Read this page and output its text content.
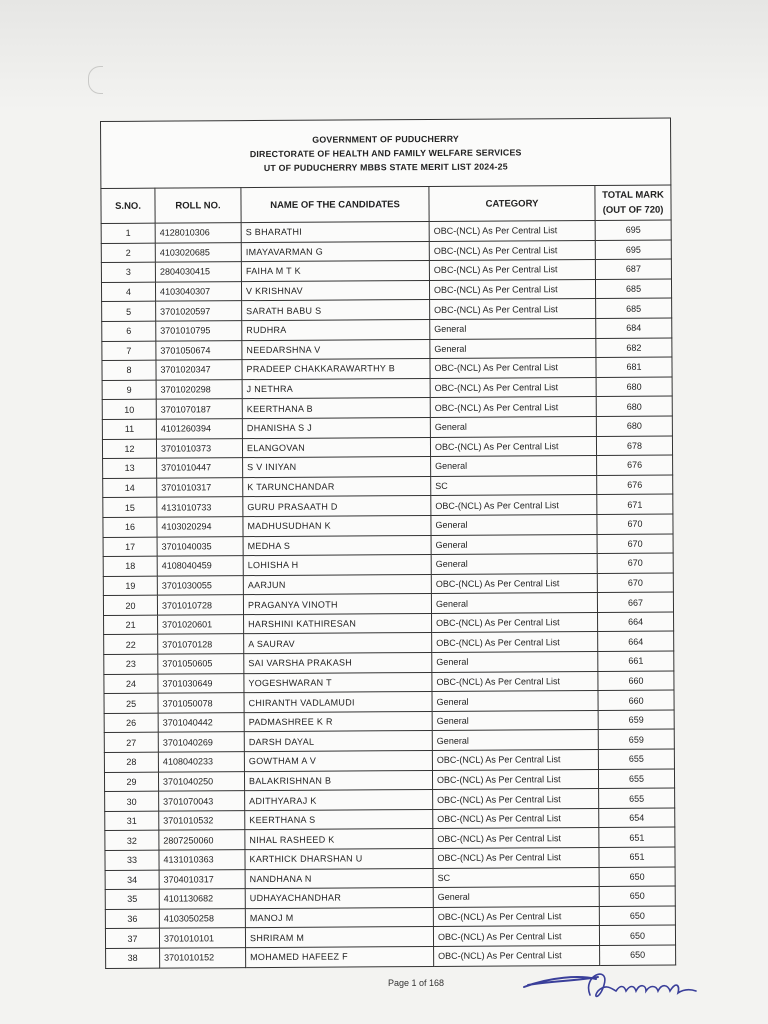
GOVERNMENT OF PUDUCHERRY
DIRECTORATE OF HEALTH AND FAMILY WELFARE SERVICES
UT OF PUDUCHERRY MBBS STATE MERIT LIST 2024-25				

S.NO.	ROLL NO.	NAME OF THE CANDIDATES	CATEGORY	TOTAL MARK
(OUT OF 720)

1	4128010306	S BHARATHI	OBC-(NCL) As Per Central List	695
2	4103020685	IMAYAVARMAN G	OBC-(NCL) As Per Central List	695
3	2804030415	FAIHA M T K	OBC-(NCL) As Per Central List	687
4	4103040307	V KRISHNAV	OBC-(NCL) As Per Central List	685
5	3701020597	SARATH BABU S	OBC-(NCL) As Per Central List	685
6	3701010795	RUDHRA	General	684
7	3701050674	NEEDARSHNA V	General	682
8	3701020347	PRADEEP CHAKKARAWARTHY B	OBC-(NCL) As Per Central List	681
9	3701020298	J NETHRA	OBC-(NCL) As Per Central List	680
10	3701070187	KEERTHANA B	OBC-(NCL) As Per Central List	680
11	4101260394	DHANISHA S J	General	680
12	3701010373	ELANGOVAN	OBC-(NCL) As Per Central List	678
13	3701010447	S V INIYAN	General	676
14	3701010317	K TARUNCHANDAR	SC	676
15	4131010733	GURU PRASAATH D	OBC-(NCL) As Per Central List	671
16	4103020294	MADHUSUDHAN K	General	670
17	3701040035	MEDHA S	General	670
18	4108040459	LOHISHA H	General	670
19	3701030055	AARJUN	OBC-(NCL) As Per Central List	670
20	3701010728	PRAGANYA VINOTH	General	667
21	3701020601	HARSHINI KATHIRESAN	OBC-(NCL) As Per Central List	664
22	3701070128	A SAURAV	OBC-(NCL) As Per Central List	664
23	3701050605	SAI VARSHA PRAKASH	General	661
24	3701030649	YOGESHWARAN T	OBC-(NCL) As Per Central List	660
25	3701050078	CHIRANTH VADLAMUDI	General	660
26	3701040442	PADMASHREE K R	General	659
27	3701040269	DARSH DAYAL	General	659
28	4108040233	GOWTHAM A V	OBC-(NCL) As Per Central List	655
29	3701040250	BALAKRISHNAN B	OBC-(NCL) As Per Central List	655
30	3701070043	ADITHYARAJ K	OBC-(NCL) As Per Central List	655
31	3701010532	KEERTHANA S	OBC-(NCL) As Per Central List	654
32	2807250060	NIHAL RASHEED K	OBC-(NCL) As Per Central List	651
33	4131010363	KARTHICK DHARSHAN U	OBC-(NCL) As Per Central List	651
34	3704010317	NANDHANA N	SC	650
35	4101130682	UDHAYACHANDHAR	General	650
36	4103050258	MANOJ M	OBC-(NCL) As Per Central List	650
37	3701010101	SHRIRAM M	OBC-(NCL) As Per Central List	650
38	3701010152	MOHAMED HAFEEZ F	OBC-(NCL) As Per Central List	650
Page 1 of 168
